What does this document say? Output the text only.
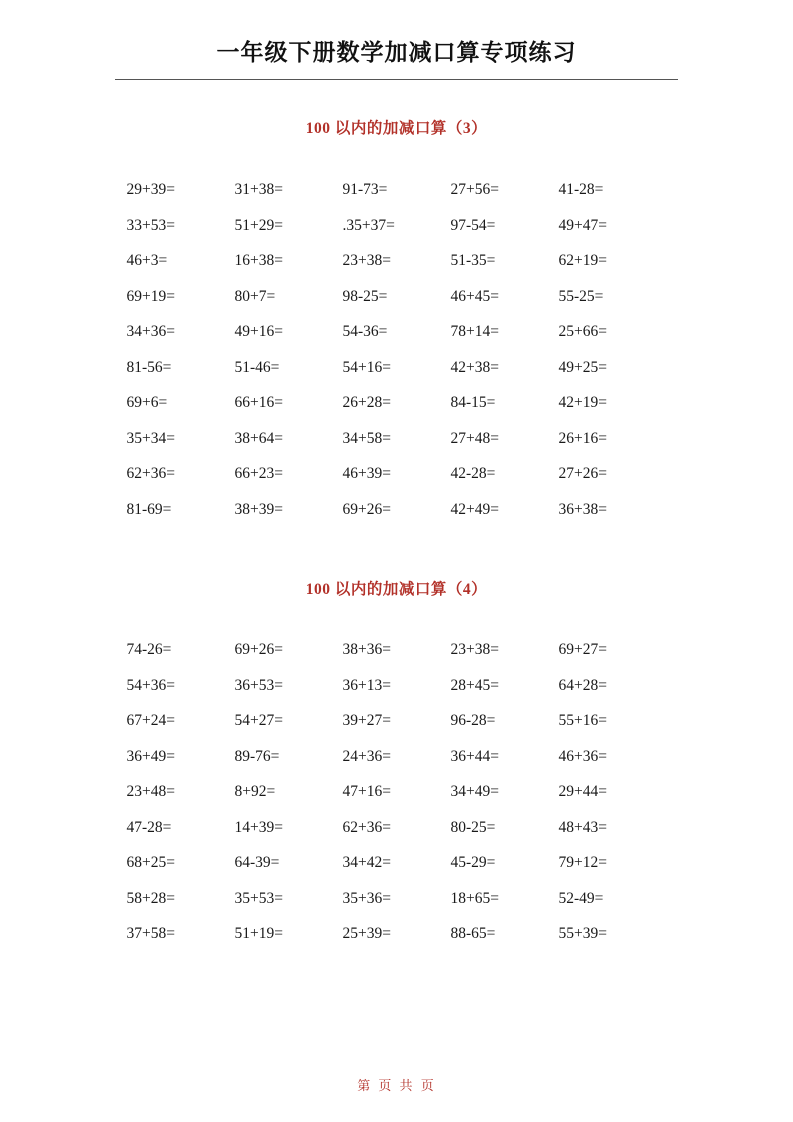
一年级下册数学加减口算专项练习
100 以内的加减口算（3）
29+39=	31+38=	91-73=	27+56=	41-28=
33+53=	51+29=	.35+37=	97-54=	49+47=
46+3=	16+38=	23+38=	51-35=	62+19=
69+19=	80+7=	98-25=	46+45=	55-25=
34+36=	49+16=	54-36=	78+14=	25+66=
81-56=	51-46=	54+16=	42+38=	49+25=
69+6=	66+16=	26+28=	84-15=	42+19=
35+34=	38+64=	34+58=	27+48=	26+16=
62+36=	66+23=	46+39=	42-28=	27+26=
81-69=	38+39=	69+26=	42+49=	36+38=
100 以内的加减口算（4）
74-26=	69+26=	38+36=	23+38=	69+27=
54+36=	36+53=	36+13=	28+45=	64+28=
67+24=	54+27=	39+27=	96-28=	55+16=
36+49=	89-76=	24+36=	36+44=	46+36=
23+48=	8+92=	47+16=	34+49=	29+44=
47-28=	14+39=	62+36=	80-25=	48+43=
68+25=	64-39=	34+42=	45-29=	79+12=
58+28=	35+53=	35+36=	18+65=	52-49=
37+58=	51+19=	25+39=	88-65=	55+39=
第 页 共 页
